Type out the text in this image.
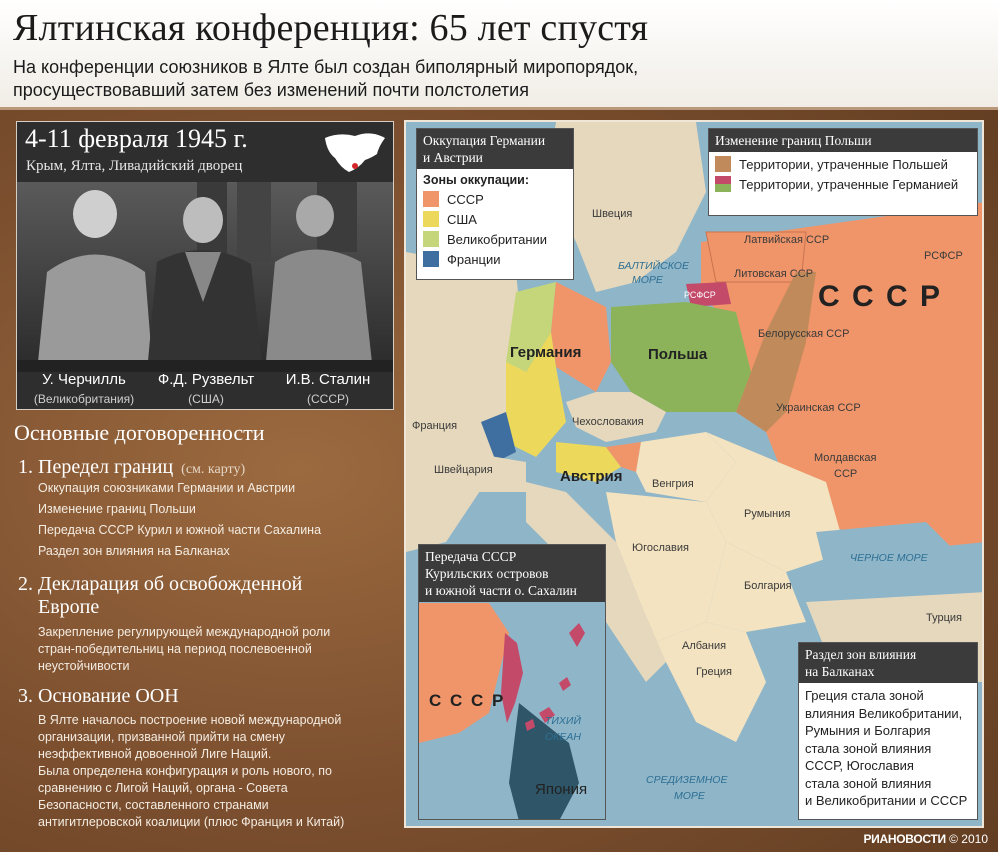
Ялтинская конференция: 65 лет спустя
На конференции союзников в Ялте был создан биполярный миропорядок,
просуществовавший затем без изменений почти полстолетия
4-11 февраля 1945 г.
Крым, Ялта, Ливадийский дворец
У. Черчилль
(Великобритания)
Ф.Д. Рузвельт
(США)
И.В. Сталин
(СССР)
Основные договоренности
1. Передел границ (см. карту)
Оккупация союзниками Германии и Австрии
Изменение границ Польши
Передача СССР Курил и южной части Сахалина
Раздел зон влияния на Балканах
2. Декларация об освобожденной
Европе
Закрепление регулирующей международной роли
стран-победительниц на период послевоенной
неустойчивости
3. Основание ООН
В Ялте началось построение новой международной
организации, призванной прийти на смену
неэффективной довоенной Лиге Наций.
Была определена конфигурация и роль нового, по
сравнению с Лигой Наций, органа - Совета
Безопасности, составленного странами
антигитлеровской коалиции (плюс Франция и Китай)
С С С Р
РСФСР
Латвийская ССР
Литовская ССР
Белорусская ССР
Украинская ССР
Молдавская
ССР
РСФСР
Швеция
БАЛТИЙСКОЕ
МОРЕ
Германия	Польша
Франция	Чехословакия
Швейцария	Австрия	Венгрия
Румыния
Югославия
Болгария
Албания
Греция
Турция
ЧЕРНОЕ МОРЕ
СРЕДИЗЕМНОЕ
МОРЕ
Оккупация Германии
и Австрии
Зоны оккупации:
СССР
США
Великобритании
Франции
Изменение границ Польши
Территории, утраченные Польшей
Территории, утраченные Германией
Передача СССР
Курильских островов
и южной части о. Сахалин
С С С Р
ТИХИЙ
ОКЕАН
Япония
Раздел зон влияния
на Балканах
Греция стала зоной
влияния Великобритании,
Румыния и Болгария
стала зоной влияния
СССР, Югославия
стала зоной влияния
и Великобритании и СССР
РИАНОВОСТИ © 2010
